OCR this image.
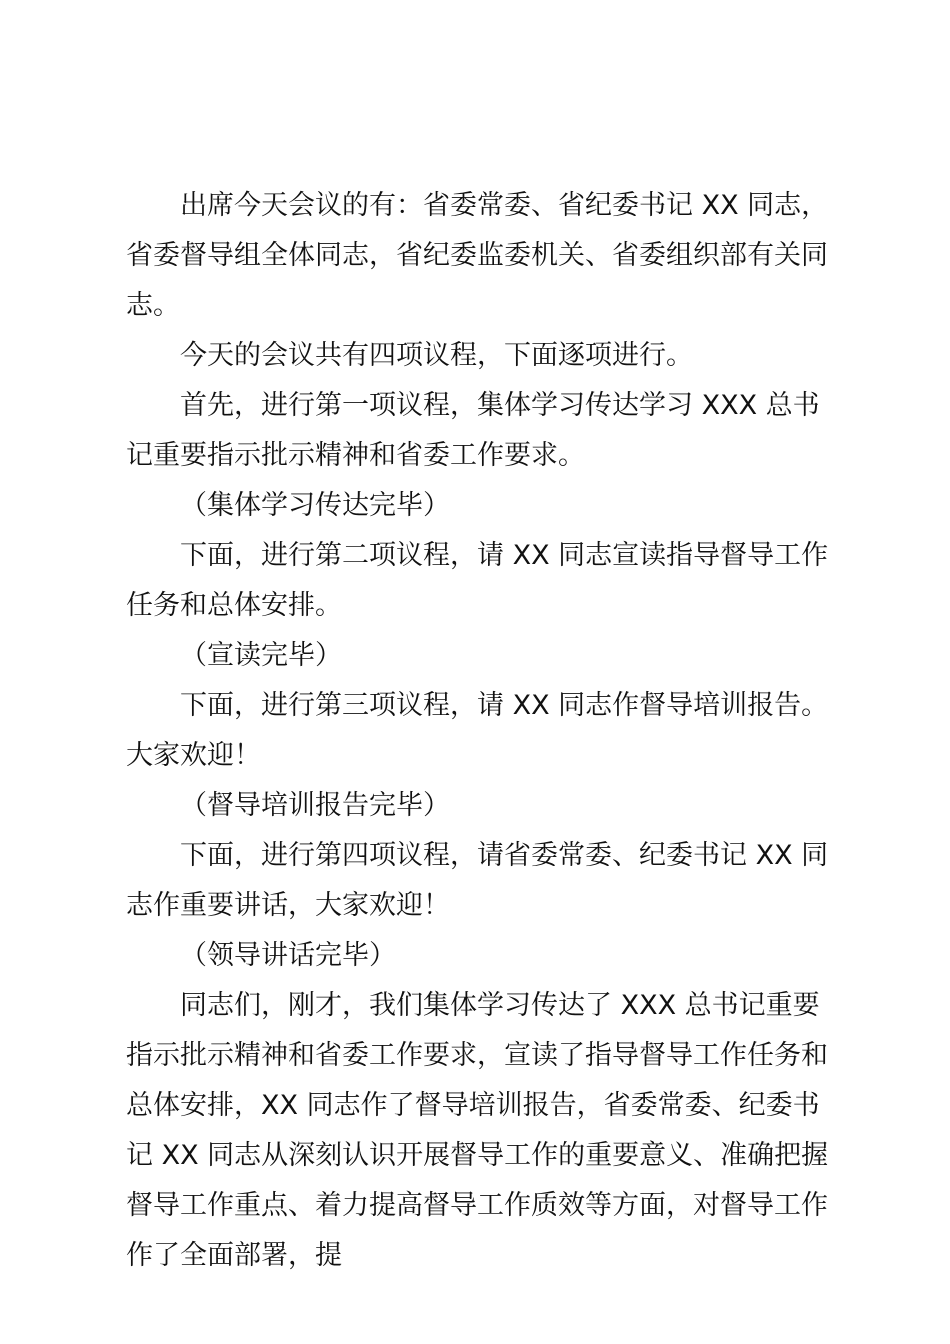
出席今天会议的有：省委常委、省纪委书记 XX 同志，省委督导组全体同志，省纪委监委机关、省委组织部有关同志。

今天的会议共有四项议程，下面逐项进行。

首先，进行第一项议程，集体学习传达学习 XXX 总书记重要指示批示精神和省委工作要求。

（集体学习传达完毕）

下面，进行第二项议程，请 XX 同志宣读指导督导工作任务和总体安排。

（宣读完毕）

下面，进行第三项议程，请 XX 同志作督导培训报告。大家欢迎！

（督导培训报告完毕）

下面，进行第四项议程，请省委常委、纪委书记 XX 同志作重要讲话，大家欢迎！

（领导讲话完毕）

同志们，刚才，我们集体学习传达了 XXX 总书记重要指示批示精神和省委工作要求，宣读了指导督导工作任务和总体安排，XX 同志作了督导培训报告，省委常委、纪委书记 XX 同志从深刻认识开展督导工作的重要意义、准确把握督导工作重点、着力提高督导工作质效等方面，对督导工作作了全面部署，提
